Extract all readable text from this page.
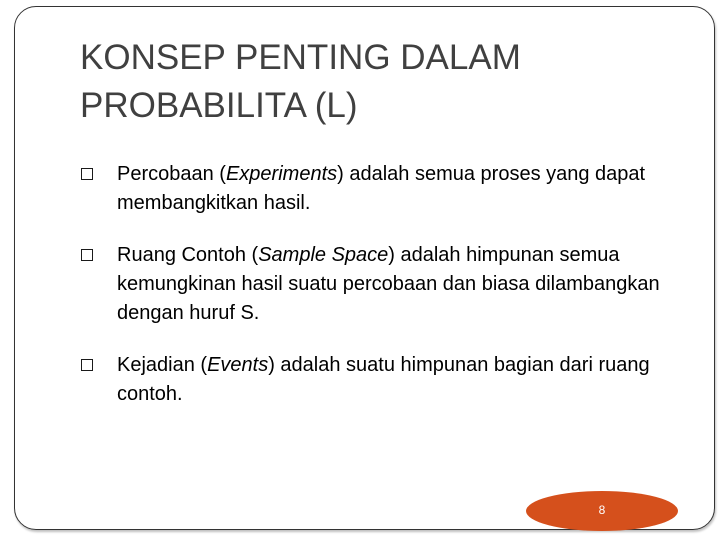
KONSEP PENTING DALAM
PROBABILITA (L)
Percobaan (Experiments) adalah semua proses yang dapat membangkitkan hasil.
Ruang Contoh (Sample Space) adalah himpunan semua kemungkinan hasil suatu percobaan dan biasa dilambangkan dengan huruf S.
Kejadian (Events) adalah suatu himpunan bagian dari ruang contoh.
8
